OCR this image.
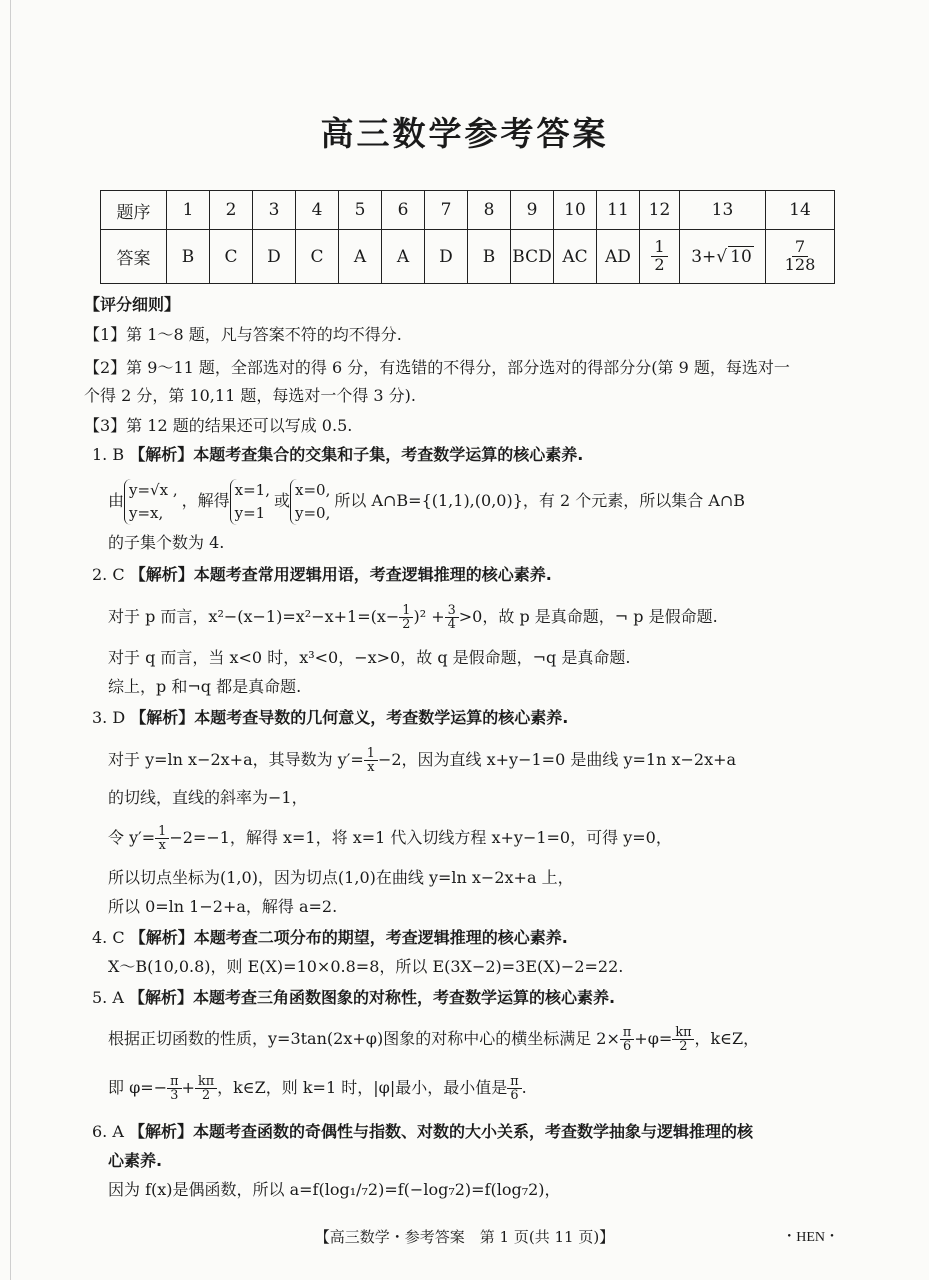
高三数学参考答案
题序	1	2	3	4	5	6	7	8	9	10	11	12	13	14
答案	B	C	D	C	A	A	D	B	BCD	AC	AD	$\frac{1}{2}$	3+√ 10	$\frac{7}{128}$
【评分细则】
【1】第 1～8 题，凡与答案不符的均不得分.
【2】第 9～11 题，全部选对的得 6 分，有选错的不得分，部分选对的得部分分(第 9 题，每选对一
个得 2 分，第 10,11 题，每选对一个得 3 分).
【3】第 12 题的结果还可以写成 0.5.
1. B 【解析】本题考查集合的交集和子集，考查数学运算的核心素养.
由y=√x ,
y=x,，解得x=1,
y=1或x=0,
y=0,所以 A∩B={(1,1),(0,0)}，有 2 个元素，所以集合 A∩B
的子集个数为 4.
2. C 【解析】本题考查常用逻辑用语，考查逻辑推理的核心素养.
对于 p 而言，$x^2-(x-1)=x^2-x+1=(x- \frac{1}{2} )^2 + \frac{3}{4} >0$，故 p 是真命题，¬ p 是假命题.
对于 q 而言，当 x<0 时，x³<0，−x>0，故 q 是假命题，¬q 是真命题.
综上，p 和¬q 都是真命题.
3. D 【解析】本题考查导数的几何意义，考查数学运算的核心素养.
对于 y=ln x−2x+a，其导数为 $y'= \frac{1}{x} -2$，因为直线 x+y−1=0 是曲线 y=1n x−2x+a
的切线，直线的斜率为−1，
令 $y'= \frac{1}{x} -2=-1$，解得 x=1，将 x=1 代入切线方程 x+y−1=0，可得 y=0，
所以切点坐标为(1,0)，因为切点(1,0)在曲线 y=ln x−2x+a 上，
所以 0=ln 1−2+a，解得 a=2.
4. C 【解析】本题考查二项分布的期望，考查逻辑推理的核心素养.
X～B(10,0.8)，则 E(X)=10×0.8=8，所以 E(3X−2)=3E(X)−2=22.
5. A 【解析】本题考查三角函数图象的对称性，考查数学运算的核心素养.
根据正切函数的性质，y=3tan(2x+φ)图象的对称中心的横坐标满足 $2\times \frac{\pi}{6} +\varphi= \frac{k\pi}{2}$ ，k∈Z，
即 $\varphi=- \frac{\pi}{3} + \frac{k\pi}{2}$ ，k∈Z，则 k=1 时，|φ|最小，最小值是 $\frac{\pi}{6}$ .
6. A 【解析】本题考查函数的奇偶性与指数、对数的大小关系，考查数学抽象与逻辑推理的核
心素养.
因为 f(x)是偶函数，所以 a=f(log₁/₇2)=f(−log₇2)=f(log₇2)，
【高三数学・参考答案　第 1 页(共 11 页)】	・HEN・
